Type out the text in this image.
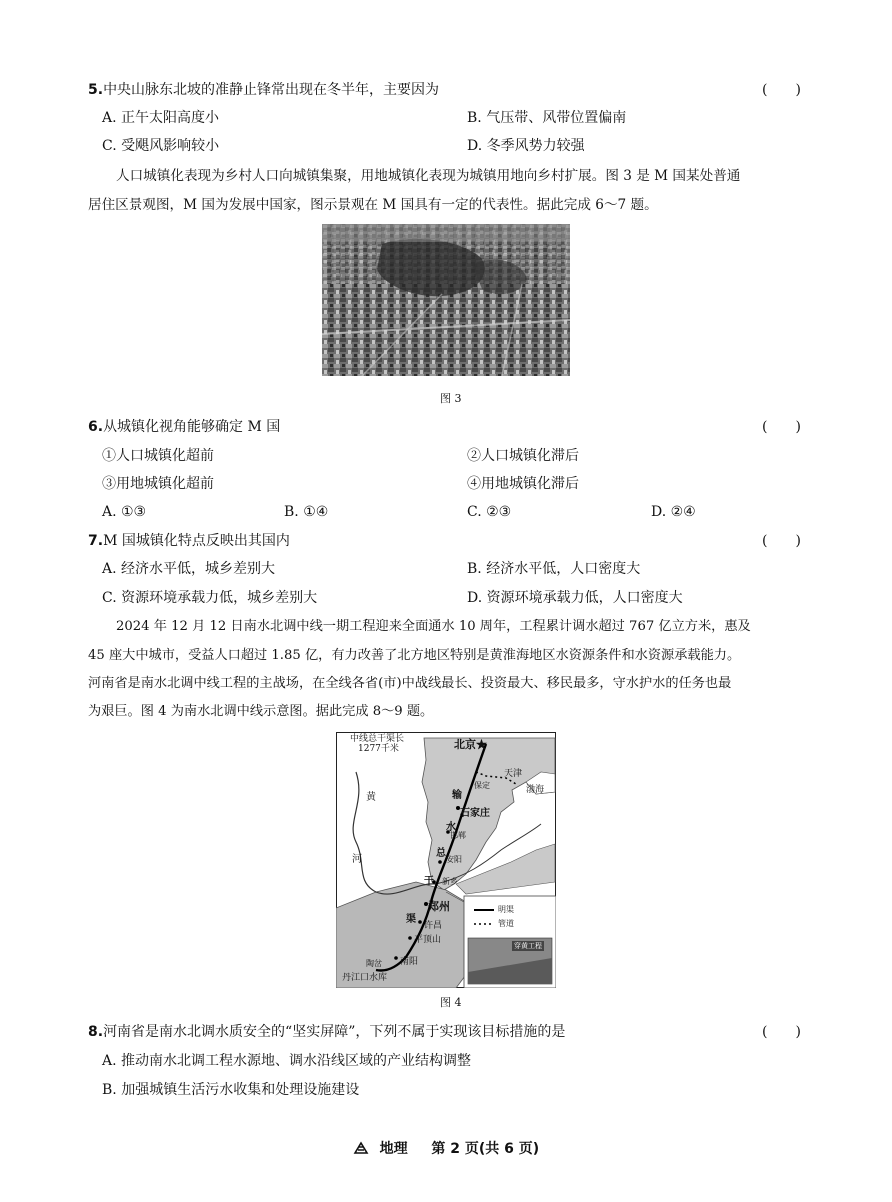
5.中央山脉东北坡的准静止锋常出现在冬半年，主要因为	(　　)
A. 正午太阳高度小	B. 气压带、风带位置偏南
C. 受飓风影响较小	D. 冬季风势力较强
人口城镇化表现为乡村人口向城镇集聚，用地城镇化表现为城镇用地向乡村扩展。图 3 是 M 国某处普通
居住区景观图，M 国为发展中国家，图示景观在 M 国具有一定的代表性。据此完成 6～7 题。
图 3
6.从城镇化视角能够确定 M 国	(　　)
①人口城镇化超前	②人口城镇化滞后
③用地城镇化超前	④用地城镇化滞后
A. ①③	B. ①④	C. ②③	D. ②④
7.M 国城镇化特点反映出其国内	(　　)
A. 经济水平低，城乡差别大	B. 经济水平低，人口密度大
C. 资源环境承载力低，城乡差别大	D. 资源环境承载力低，人口密度大
2024 年 12 月 12 日南水北调中线一期工程迎来全面通水 10 周年，工程累计调水超过 767 亿立方米，惠及
45 座大中城市，受益人口超过 1.85 亿，有力改善了北方地区特别是黄淮海地区水资源条件和水资源承载能力。
河南省是南水北调中线工程的主战场，在全线各省(市)中战线最长、投资最大、移民最多，守水护水的任务也最
为艰巨。图 4 为南水北调中线示意图。据此完成 8～9 题。
中线总干渠长
1277千米	北京★
天津
渤海
保定
石家庄
邯郸
安阳
新乡
郑州
许昌
平顶山
南阳
丹江口水库
陶岔
黄
河
输
水
总
干
渠
明渠
管道
穿黄工程
图 4
8.河南省是南水北调水质安全的“坚实屏障”，下列不属于实现该目标措施的是	(　　)
A. 推动南水北调工程水源地、调水沿线区域的产业结构调整
B. 加强城镇生活污水收集和处理设施建设
地理 第 2 页(共 6 页)
